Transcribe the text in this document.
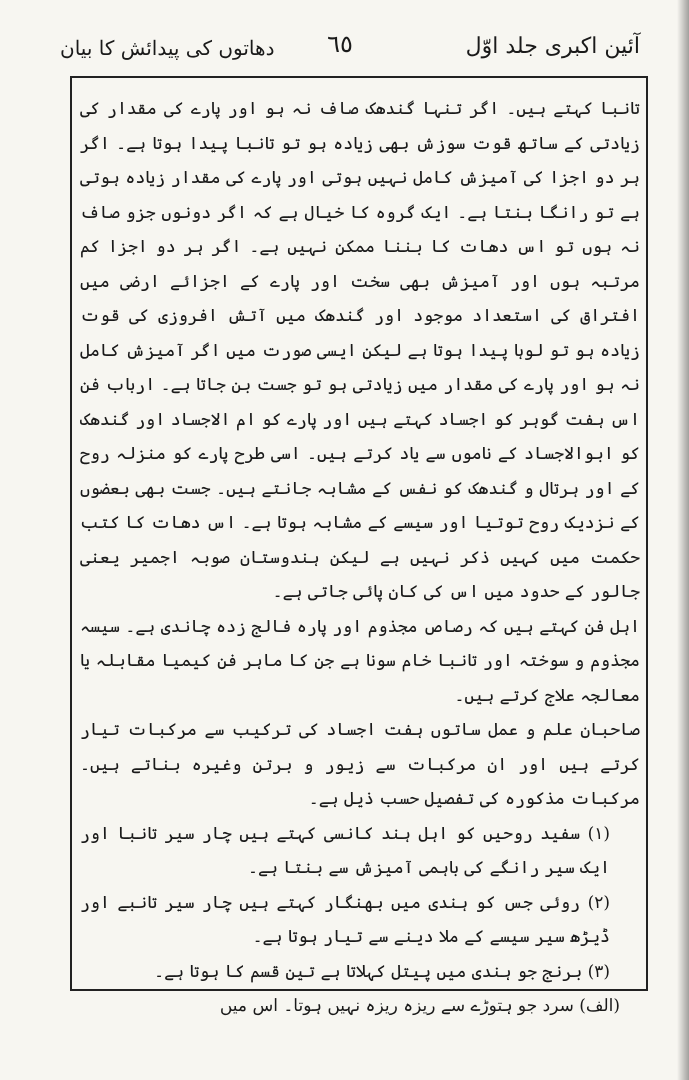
آئین اکبری جلد اوّل
٦٥
دھاتوں کی پیدائش کا بیان

تانبا کہتے ہیں۔ اگر تنہا گندھک صاف نہ ہو اور پارے کی مقدار کی زیادتی کے ساتھ قوت سوزش بھی زیادہ ہو تو تانبا پیدا ہوتا ہے۔ اگر ہر دو اجزا کی آمیزش کامل نہیں ہوتی اور پارے کی مقدار زیادہ ہوتی ہے تو رانگا بنتا ہے۔ ایک گروہ کا خیال ہے کہ اگر دونوں جزو صاف نہ ہوں تو اس دھات کا بننا ممکن نہیں ہے۔ اگر ہر دو اجزا کم مرتبہ ہوں اور آمیزش بھی سخت اور پارے کے اجزائے ارضی میں افتراق کی استعداد موجود اور گندھک میں آتش افروزی کی قوت زیادہ ہو تو لوہا پیدا ہوتا ہے لیکن ایسی صورت میں اگر آمیزش کامل نہ ہو اور پارے کی مقدار میں زیادتی ہو تو جست بن جاتا ہے۔ ارباب فن اس ہفت گوہر کو اجساد کہتے ہیں اور پارے کو ام الاجساد اور گندھک کو ابوالاجساد کے ناموں سے یاد کرتے ہیں۔ اسی طرح پارے کو منزلہ روح کے اور ہرتال و گندھک کو نفس کے مشابہ جانتے ہیں۔ جست بھی بعضوں کے نزدیک روح توتیا اور سیسے کے مشابہ ہوتا ہے۔ اس دھات کا کتب حکمت میں کہیں ذکر نہیں ہے لیکن ہندوستان صوبہ اجمیر یعنی جالور کے حدود میں اس کی کان پائی جاتی ہے۔

اہل فن کہتے ہیں کہ رصاص مجذوم اور پارہ فالج زدہ چاندی ہے۔ سیسہ مجذوم و سوختہ اور تانبا خام سونا ہے جن کا ماہر فن کیمیا مقابلہ یا معالجہ علاج کرتے ہیں۔

صاحبان علم و عمل ساتوں ہفت اجساد کی ترکیب سے مرکبات تیار کرتے ہیں اور ان مرکبات سے زیور و برتن وغیرہ بناتے ہیں۔ مرکبات مذکورہ کی تفصیل حسب ذیل ہے۔

(۱) سفید روحیں کو اہل ہند کانسی کہتے ہیں چار سیر تانبا اور ایک سیر رانگے کی باہمی آمیزش سے بنتا ہے۔

(۲) روئی جس کو ہندی میں بھنگار کہتے ہیں چار سیر تانبے اور ڈیڑھ سیر سیسے کے ملا دینے سے تیار ہوتا ہے۔

(۳) برنج جو ہندی میں پیتل کہلاتا ہے تین قسم کا ہوتا ہے۔

(الف) سرد جو ہتوڑے سے ریزہ ریزہ نہیں ہوتا۔ اس میں
